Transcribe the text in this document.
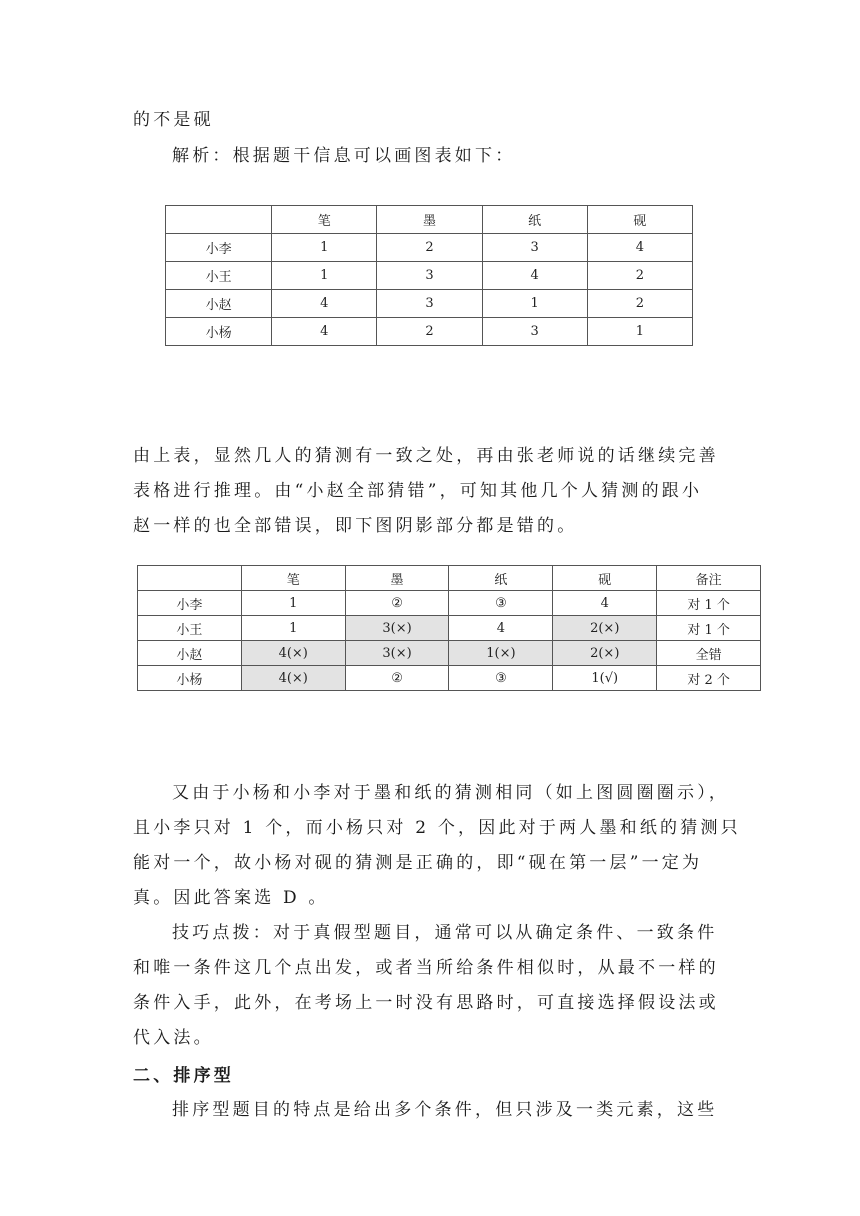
的不是砚
解析：根据题干信息可以画图表如下：
	笔	墨	纸	砚
小李	1	2	3	4
小王	1	3	4	2
小赵	4	3	1	2
小杨	4	2	3	1
由上表，显然几人的猜测有一致之处，再由张老师说的话继续完善
表格进行推理。由“小赵全部猜错”，可知其他几个人猜测的跟小
赵一样的也全部错误，即下图阴影部分都是错的。
	笔	墨	纸	砚	备注
小李	1	②	③	4	对 1 个
小王	1	3(×)	4	2(×)	对 1 个
小赵	4(×)	3(×)	1(×)	2(×)	全错
小杨	4(×)	②	③	1(√)	对 2 个
又由于小杨和小李对于墨和纸的猜测相同（如上图圆圈圈示），
且小李只对 1 个，而小杨只对 2 个，因此对于两人墨和纸的猜测只
能对一个，故小杨对砚的猜测是正确的，即“砚在第一层”一定为
真。因此答案选 D 。
技巧点拨：对于真假型题目，通常可以从确定条件、一致条件
和唯一条件这几个点出发，或者当所给条件相似时，从最不一样的
条件入手，此外，在考场上一时没有思路时，可直接选择假设法或
代入法。
二、排序型
排序型题目的特点是给出多个条件，但只涉及一类元素，这些
